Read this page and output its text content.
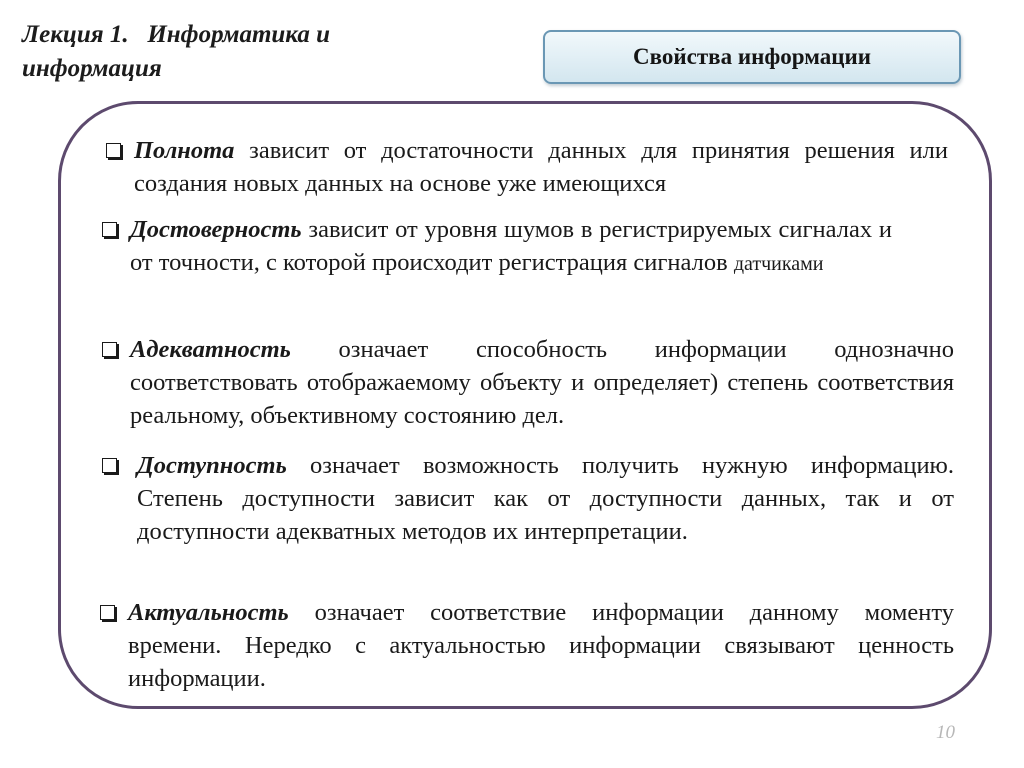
Лекция 1.   Информатика и
информация	Свойства информации
Полнота зависит от достаточности данных для принятия решения или создания новых данных на основе уже имеющихся
Достоверность зависит от уровня шумов в регистрируемых сигналах и от точности, с которой происходит регистрация сигналов датчиками
Адекватность означает способность информации однозначно соответствовать отображаемому объекту и определяет) степень соответствия реальному, объективному состоянию дел.
Доступность означает возможность получить нужную информацию. Степень доступности зависит как от доступности данных, так и от доступности адекватных методов их интерпретации.
Актуальность означает соответствие информации данному моменту времени. Нередко с актуальностью информации связывают ценность информации.
10
